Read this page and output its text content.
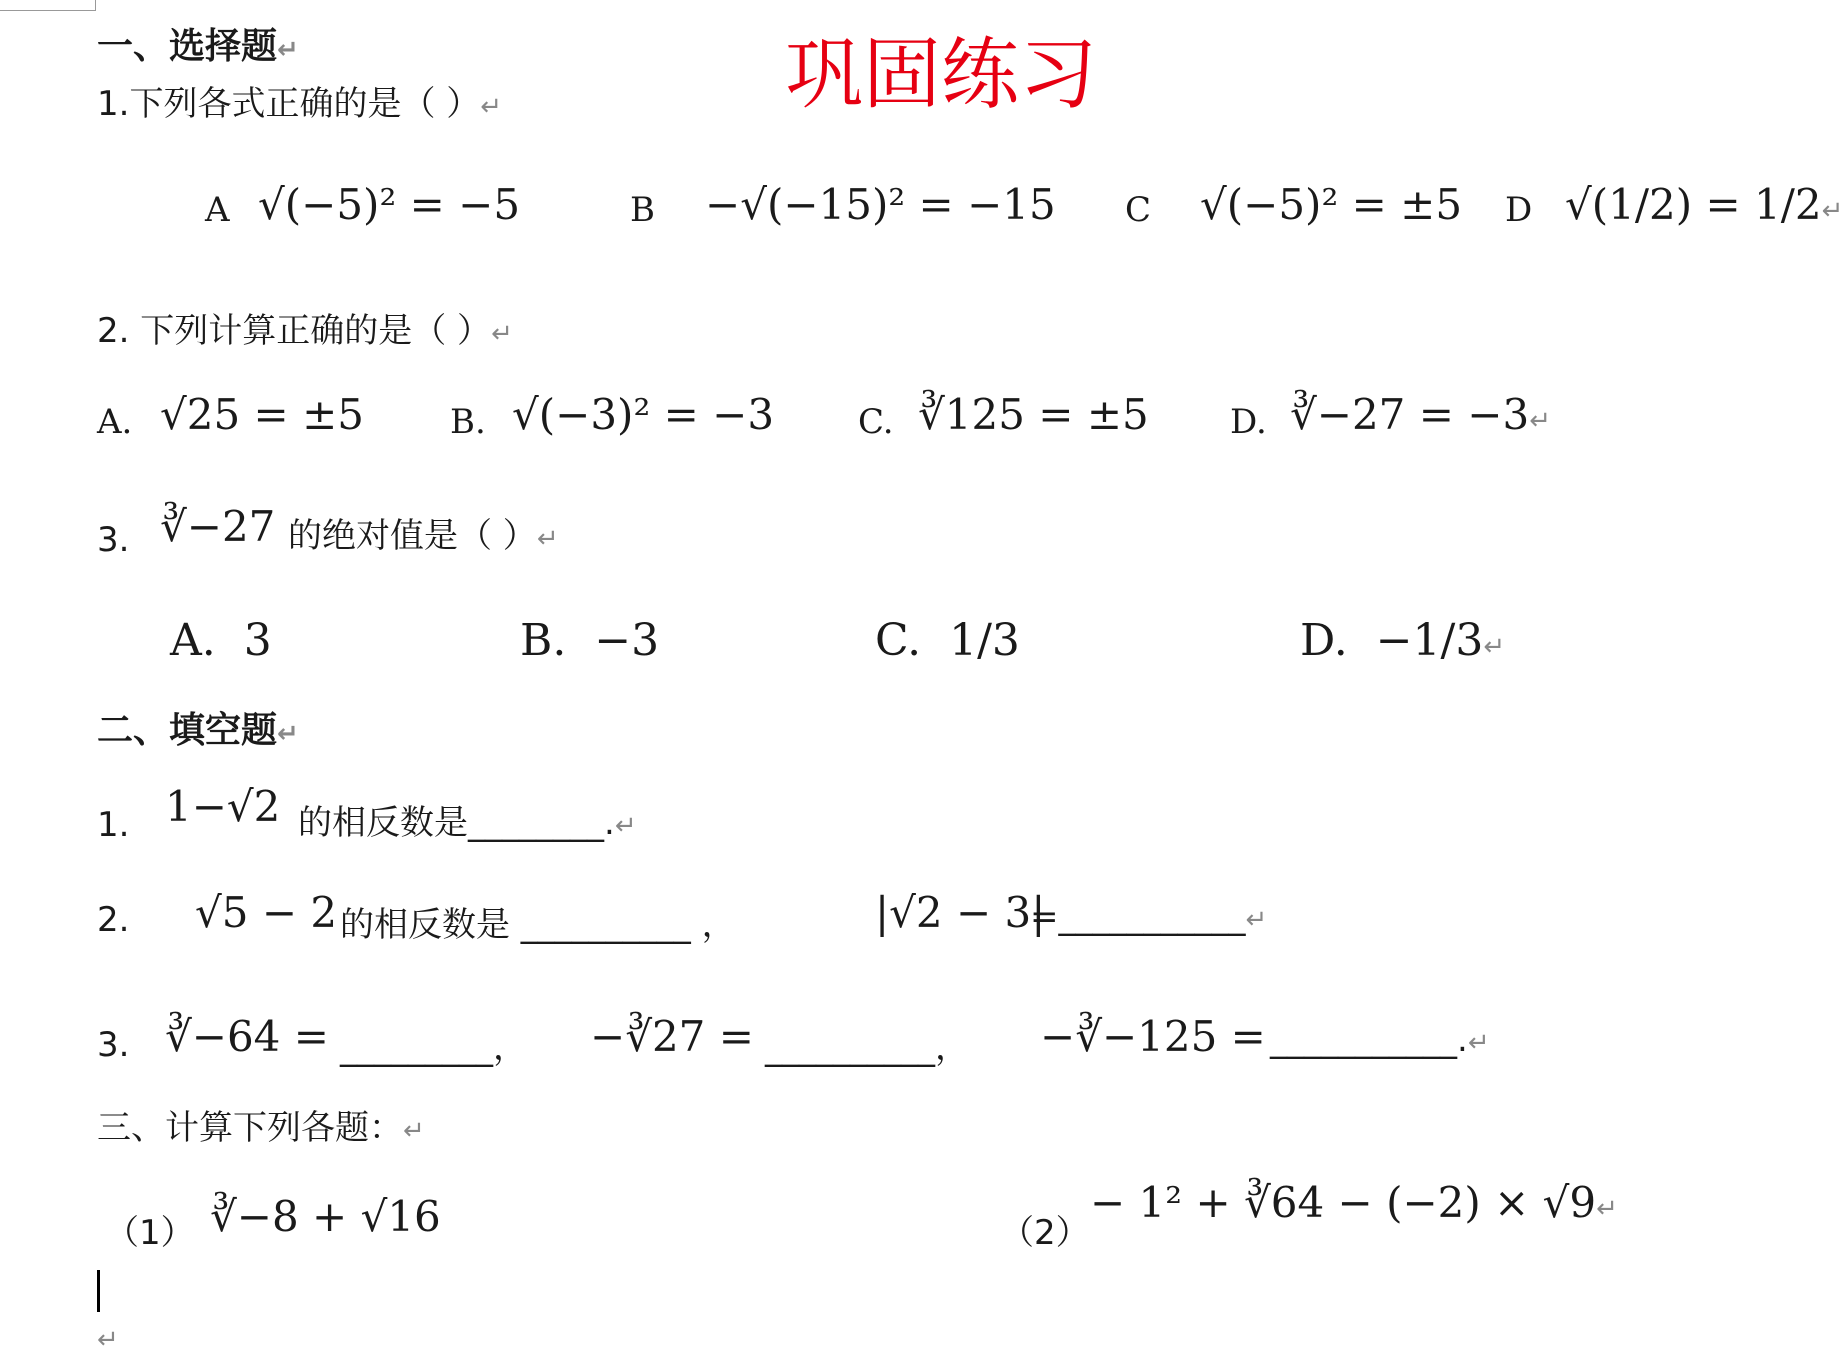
巩固练习
一、选择题↵
1.下列各式正确的是（ ）↵
A √(−5)² = −5	B −√(−15)² = −15 C √(−5)² = ±5 D √(1/2) = 1/2↵
2. 下列计算正确的是（ ）↵
A. √25 = ±5	B. √(−3)² = −3 C. ∛125 = ±5 D. ∛−27 = −3↵
3. ∛−27 的绝对值是（ ）↵
A. 3	B. −3	C. 1/3	D. −1/3↵
二、填空题↵
1. 1−√2 的相反数是________.↵
2. √5 − 2 的相反数是 __________ ，	|√2 − 3|
=___________↵
3. ∛−64 = _________， −∛27 = __________， −∛−125 = ___________.↵
三、计算下列各题：↵
（1） ∛−8 + √16	（2）
− 1² + ∛64 − (−2) × √9↵
↵
